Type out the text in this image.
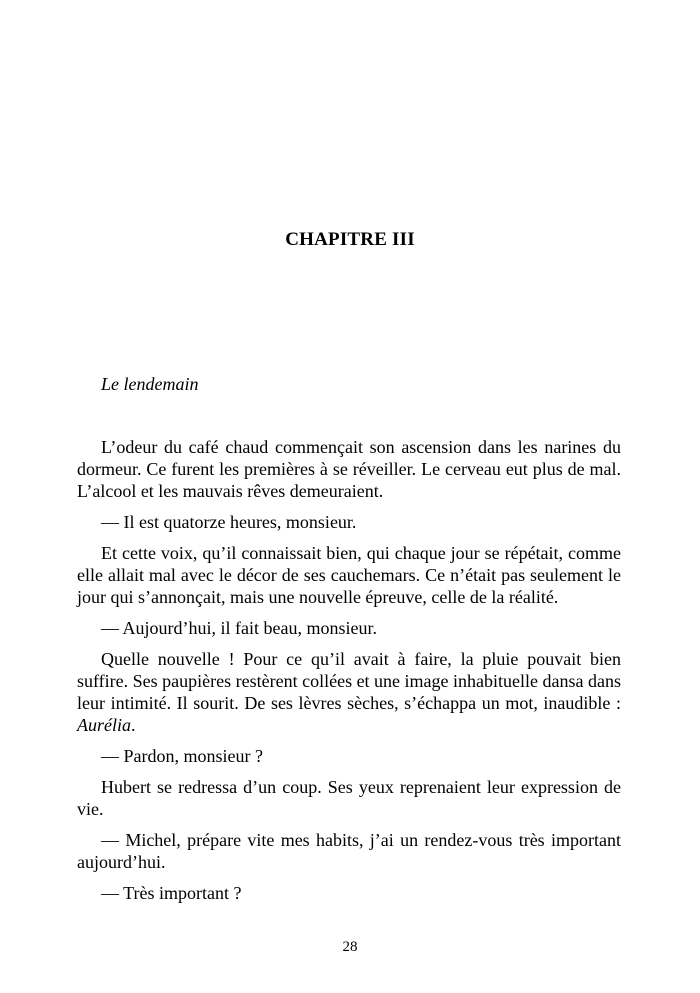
CHAPITRE III
Le lendemain

L’odeur du café chaud commençait son ascension dans les narines du dormeur. Ce furent les premières à se réveiller. Le cerveau eut plus de mal. L’alcool et les mauvais rêves demeuraient.

— Il est quatorze heures, monsieur.

Et cette voix, qu’il connaissait bien, qui chaque jour se répétait, comme elle allait mal avec le décor de ses cauchemars. Ce n’était pas seulement le jour qui s’annonçait, mais une nouvelle épreuve, celle de la réalité.

— Aujourd’hui, il fait beau, monsieur.

Quelle nouvelle ! Pour ce qu’il avait à faire, la pluie pouvait bien suffire. Ses paupières restèrent collées et une image inhabituelle dansa dans leur intimité. Il sourit. De ses lèvres sèches, s’échappa un mot, inaudible : Aurélia.

— Pardon, monsieur ?

Hubert se redressa d’un coup. Ses yeux reprenaient leur expression de vie.

— Michel, prépare vite mes habits, j’ai un rendez-vous très important aujourd’hui.

— Très important ?

28
